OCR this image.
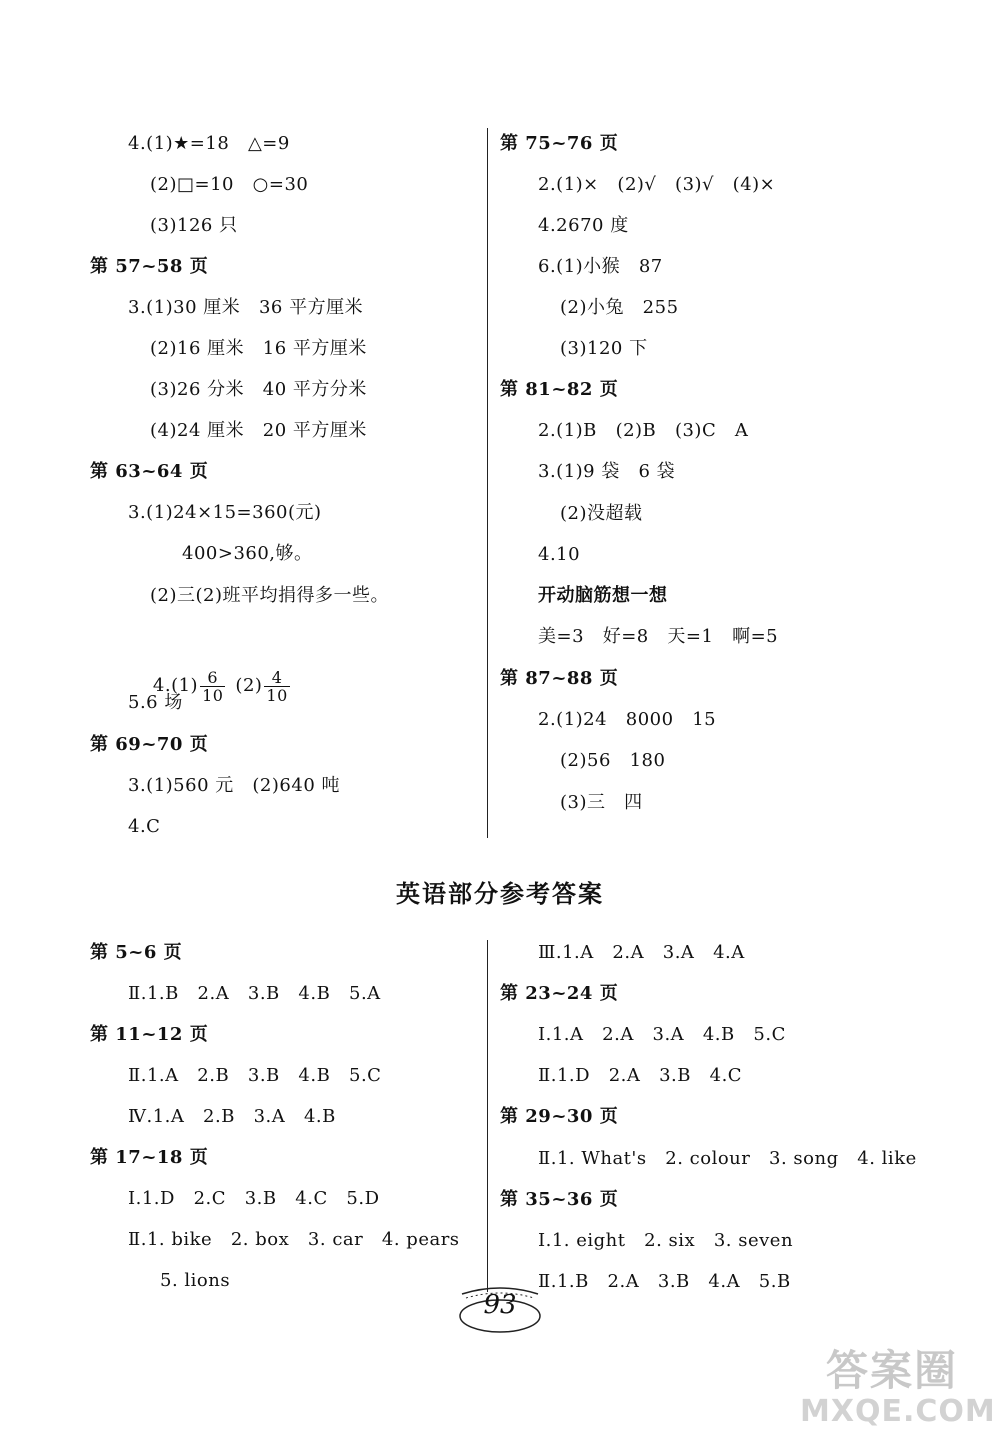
4.(1)★=18   △=9
(2)□=10   ○=30
(3)126 只
第 57~58 页
3.(1)30 厘米   36 平方厘米
(2)16 厘米   16 平方厘米
(3)26 分米   40 平方分米
(4)24 厘米   20 平方厘米
第 63~64 页
3.(1)24×15=360(元)
400>360,够。
(2)三(2)班平均捐得多一些。

$4.(1) \frac{6}{10} (2) \frac{4}{10}$

5.6 场
第 69~70 页
3.(1)560 元   (2)640 吨
4.C
第 75~76 页
2.(1)×   (2)√   (3)√   (4)×
4.2670 度
6.(1)小猴   87
(2)小兔   255
(3)120 下
第 81~82 页
2.(1)B   (2)B   (3)C   A
3.(1)9 袋   6 袋
(2)没超载
4.10
开动脑筋想一想
美=3   好=8   天=1   啊=5
第 87~88 页
2.(1)24   8000   15
(2)56   180
(3)三   四
英语部分参考答案
第 5~6 页
Ⅱ.1.B   2.A   3.B   4.B   5.A
第 11~12 页
Ⅱ.1.A   2.B   3.B   4.B   5.C
Ⅳ.1.A   2.B   3.A   4.B
第 17~18 页
Ⅰ.1.D   2.C   3.B   4.C   5.D
Ⅱ.1. bike   2. box   3. car   4. pears
5. lions
Ⅲ.1.A   2.A   3.A   4.A
第 23~24 页
Ⅰ.1.A   2.A   3.A   4.B   5.C
Ⅱ.1.D   2.A   3.B   4.C
第 29~30 页
Ⅱ.1. What's   2. colour   3. song   4. like
第 35~36 页
Ⅰ.1. eight   2. six   3. seven
Ⅱ.1.B   2.A   3.B   4.A   5.B
93
答案圈
MXQE.COM
